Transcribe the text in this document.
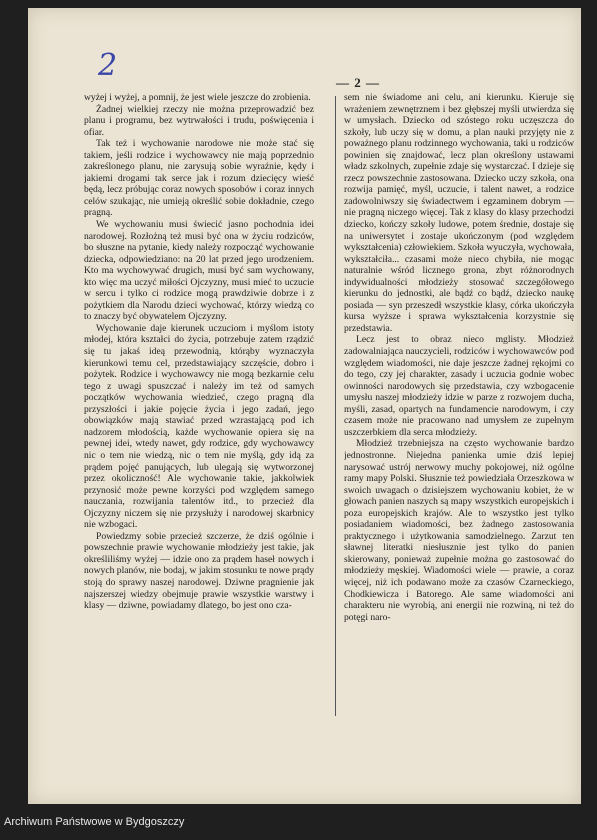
2	— 2 —

wyżej i wyżej, a pomnij, że jest wiele jeszcze do zrobienia.

Żadnej wielkiej rzeczy nie można przeprowadzić bez planu i programu, bez wytrwałości i trudu, poświęcenia i ofiar.

Tak też i wychowanie narodowe nie może stać się takiem, jeśli rodzice i wychowawcy nie mają poprzednio zakreślonego planu, nie zarysują sobie wyraźnie, kędy i jakiemi drogami tak serce jak i rozum dziecięcy wieść będą, lecz próbując coraz nowych sposobów i coraz innych celów szukając, nie umieją określić sobie dokładnie, czego pragną.

We wychowaniu musi świecić jasno pochodnia idei narodowej. Rozłożną też musi być ona w życiu rodziców, bo słuszne na pytanie, kiedy należy rozpocząć wychowanie dziecka, odpowiedziano: na 20 lat przed jego urodzeniem. Kto ma wychowywać drugich, musi być sam wychowany, kto więc ma uczyć miłości Ojczyzny, musi mieć to uczucie w sercu i tylko ci rodzice mogą prawdziwie dobrze i z pożytkiem dla Narodu dzieci wychować, którzy wiedzą co to znaczy być obywatelem Ojczyzny.

Wychowanie daje kierunek uczuciom i myślom istoty młodej, która kształci do życia, potrzebuje zatem rządzić się tu jakaś ideą przewodnią, którąby wyznaczyła kierunkowi temu cel, przedstawiający szczęście, dobro i pożytek. Rodzice i wychowawcy nie mogą bezkarnie celu tego z uwagi spuszczać i należy im też od samych początków wychowania wiedzieć, czego pragną dla przyszłości i jakie pojęcie życia i jego zadań, jego obowiązków mają stawiać przed wzrastającą pod ich nadzorem młodością, każde wychowanie opiera się na pewnej idei, wtedy nawet, gdy rodzice, gdy wychowawcy nic o tem nie wiedzą, nic o tem nie myślą, gdy idą za prądem pojęć panujących, lub ulegają się wytworzonej przez okoliczność! Ale wychowanie takie, jakkolwiek przynosić może pewne korzyści pod względem samego nauczania, rozwijania talentów itd., to przecież dla Ojczyzny niczem się nie przysłuży i narodowej skarbnicy nie wzbogaci.

Powiedzmy sobie przecież szczerze, że dziś ogólnie i powszechnie prawie wychowanie młodzieży jest takie, jak określiliśmy wyżej — idzie ono za prądem haseł nowych i nowych planów, nie bodaj, w jakim stosunku te nowe prądy stoją do sprawy naszej narodowej. Dziwne pragnienie jak najszerszej wiedzy obejmuje prawie wszystkie warstwy i klasy — dziwne, powiadamy dlatego, bo jest ono cza-

sem nie świadome ani celu, ani kierunku. Kieruje się wrażeniem zewnętrznem i bez głębszej myśli utwierdza się w umysłach. Dziecko od szóstego roku uczęszcza do szkoły, lub uczy się w domu, a plan nauki przyjęty nie z poważnego planu rodzinnego wychowania, taki u rodziców powinien się znajdować, lecz plan określony ustawami władz szkolnych, zupełnie zdaje się wystarczać. I dzieje się rzecz powszechnie zastosowana. Dziecko uczy szkoła, ona rozwija pamięć, myśl, uczucie, i talent nawet, a rodzice zadowolniwszy się świadectwem i egzaminem dobrym — nie pragną niczego więcej. Tak z klasy do klasy przechodzi dziecko, kończy szkoły ludowe, potem średnie, dostaje się na uniwersytet i zostaje ukończonym (pod względem wykształcenia) człowiekiem. Szkoła wyuczyła, wychowała, wykształciła... czasami może nieco chybiła, nie mogąc naturalnie wśród licznego grona, zbyt różnorodnych indywidualności młodzieży stosować szczegółowego kierunku do jednostki, ale bądź co bądź, dziecko naukę posiada — syn przeszedł wszystkie klasy, córka ukończyła kursa wyższe i sprawa wykształcenia korzystnie się przedstawia.

Lecz jest to obraz nieco mglisty. Młodzież zadowalniająca nauczycieli, rodziców i wychowawców pod względem wiadomości, nie daje jeszcze żadnej rękojmi co do tego, czy jej charakter, zasady i uczucia godnie wobec owinności narodowych się przedstawia, czy wzbogacenie umysłu naszej młodzieży idzie w parze z rozwojem ducha, myśli, zasad, opartych na fundamencie narodowym, i czy czasem może nie pracowano nad umysłem ze zupełnym uszczerbkiem dla serca młodzieży.

Młodzież trzebniejsza na często wychowanie bardzo jednostronne. Niejedna panienka umie dziś lepiej narysować ustrój nerwowy muchy pokojowej, niż ogólne ramy mapy Polski. Słusznie też powiedziała Orzeszkowa w swoich uwagach o dzisiejszem wychowaniu kobiet, że w głowach panien naszych są mapy wszystkich europejskich i poza europejskich krajów. Ale to wszystko jest tylko posiadaniem wiadomości, bez żadnego zastosowania praktycznego i użytkowania samodzielnego. Zarzut ten sławnej literatki niesłusznie jest tylko do panien skierowany, ponieważ zupełnie można go zastosować do młodzieży męskiej. Wiadomości wiele — prawie, a coraz więcej, niż ich podawano może za czasów Czarneckiego, Chodkiewicza i Batorego. Ale same wiadomości ani charakteru nie wyrobią, ani energii nie rozwiną, ni też do potęgi naro-

Archiwum Państwowe w Bydgoszczy
